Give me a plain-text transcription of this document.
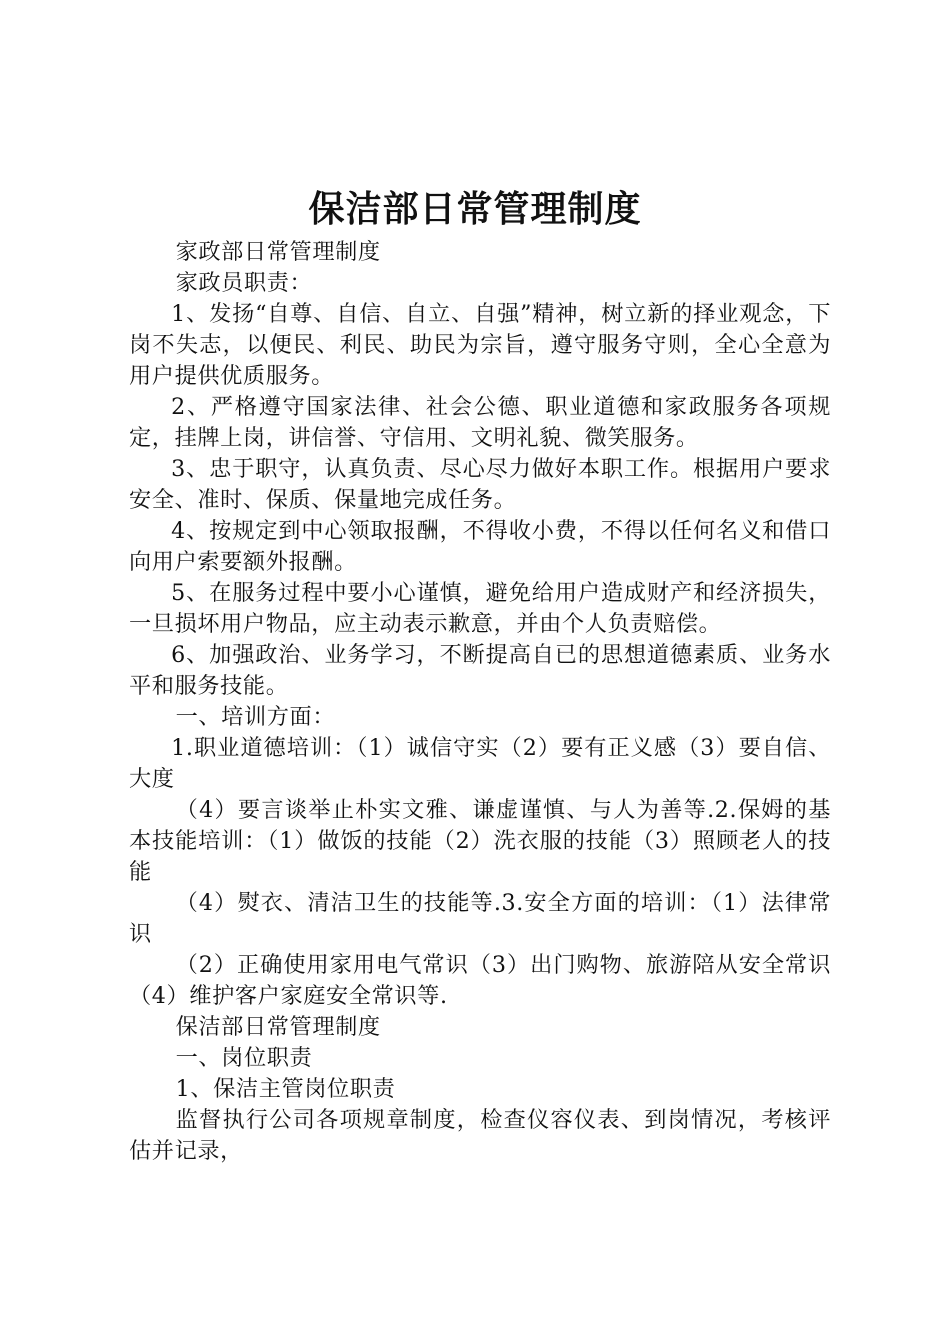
保洁部日常管理制度

家政部日常管理制度

家政员职责：

1、发扬“自尊、自信、自立、自强”精神，树立新的择业观念，下岗不失志，以便民、利民、助民为宗旨，遵守服务守则，全心全意为用户提供优质服务。

2、严格遵守国家法律、社会公德、职业道德和家政服务各项规定，挂牌上岗，讲信誉、守信用、文明礼貌、微笑服务。

3、忠于职守，认真负责、尽心尽力做好本职工作。根据用户要求安全、准时、保质、保量地完成任务。

4、按规定到中心领取报酬，不得收小费，不得以任何名义和借口向用户索要额外报酬。

5、在服务过程中要小心谨慎，避免给用户造成财产和经济损失，一旦损坏用户物品，应主动表示歉意，并由个人负责赔偿。

6、加强政治、业务学习，不断提高自已的思想道德素质、业务水平和服务技能。

一、培训方面：

1.职业道德培训：（1）诚信守实（2）要有正义感（3）要自信、大度

（4）要言谈举止朴实文雅、谦虚谨慎、与人为善等.2.保姆的基本技能培训：（1）做饭的技能（2）洗衣服的技能（3）照顾老人的技能

（4）熨衣、清洁卫生的技能等.3.安全方面的培训：（1）法律常识

（2）正确使用家用电气常识（3）出门购物、旅游陪从安全常识（4）维护客户家庭安全常识等.

保洁部日常管理制度

一、岗位职责

1、保洁主管岗位职责

监督执行公司各项规章制度，检查仪容仪表、到岗情况，考核评估并记录，
